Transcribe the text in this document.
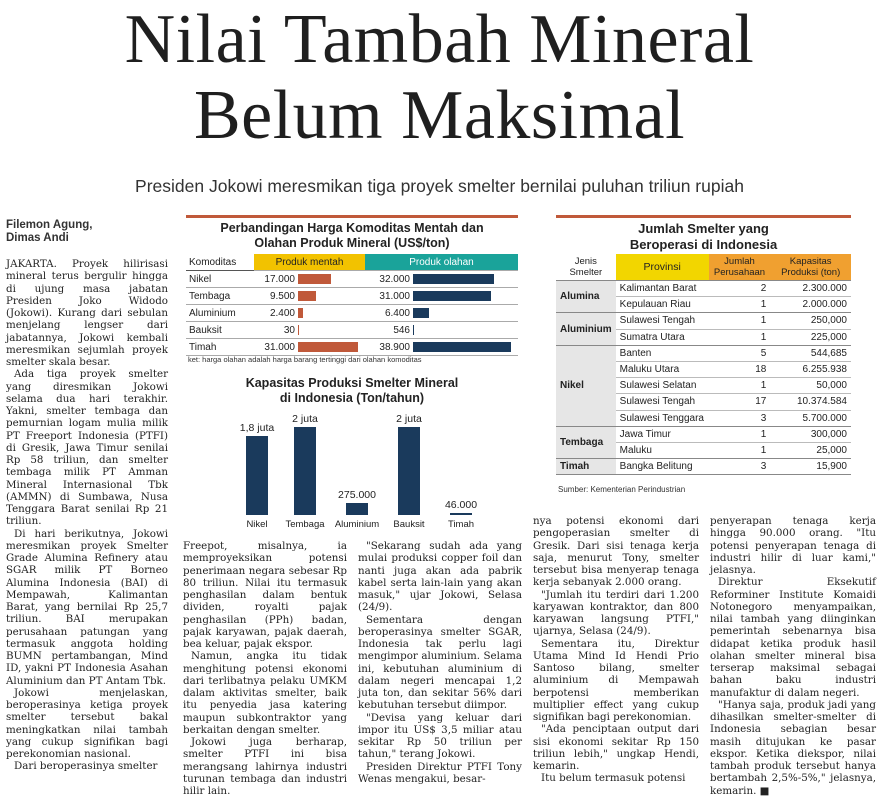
Nilai Tambah Mineral
Belum Maksimal
Presiden Jokowi meresmikan tiga proyek smelter bernilai puluhan triliun rupiah
Filemon Agung,
Dimas Andi

JAKARTA. Proyek hilirisasi mineral terus bergulir hingga di ujung masa jabatan Presiden Joko Widodo (Jokowi). Kurang dari sebulan menjelang lengser dari jabatannya, Jokowi kembali meresmikan sejumlah proyek smelter skala besar.

Ada tiga proyek smelter yang diresmikan Jokowi selama dua hari terakhir. Yakni, smelter tembaga dan pemurnian logam mulia milik PT Freeport Indonesia (PTFI) di Gresik, Jawa Timur senilai Rp 58 triliun, dan smelter tembaga milik PT Amman Mineral Internasional Tbk (AMMN) di Sumbawa, Nusa Tenggara Barat senilai Rp 21 triliun.

Di hari berikutnya, Jokowi meresmikan proyek Smelter Grade Alumina Refinery atau SGAR milik PT Borneo Alumina Indonesia (BAI) di Mempawah, Kalimantan Barat, yang bernilai Rp 25,7 triliun. BAI merupakan perusahaan patungan yang termasuk anggota holding BUMN pertambangan, Mind ID, yakni PT Indonesia Asahan Aluminium dan PT Antam Tbk.

Jokowi menjelaskan, beroperasinya ketiga proyek smelter tersebut bakal meningkatkan nilai tambah yang cukup signifikan bagi perekonomian nasional.

Dari beroperasinya smelter

Freepot, misalnya, ia memproyeksikan potensi penerimaan negara sebesar Rp 80 triliun. Nilai itu termasuk penghasilan dalam bentuk dividen, royalti pajak penghasilan (PPh) badan, pajak karyawan, pajak daerah, bea keluar, pajak ekspor.

Namun, angka itu tidak menghitung potensi ekonomi dari terlibatnya pelaku UMKM dalam aktivitas smelter, baik itu penyedia jasa katering maupun subkontraktor yang berkaitan dengan smelter.

Jokowi juga berharap, smelter PTFI ini bisa merangsang lahirnya industri turunan tembaga dan industri hilir lain.

"Sekarang sudah ada yang mulai produksi copper foil dan nanti juga akan ada pabrik kabel serta lain-lain yang akan masuk," ujar Jokowi, Selasa (24/9).

Sementara dengan beroperasinya smelter SGAR, Indonesia tak perlu lagi mengimpor aluminium. Selama ini, kebutuhan aluminium di dalam negeri mencapai 1,2 juta ton, dan sekitar 56% dari kebutuhan tersebut diimpor.

"Devisa yang keluar dari impor itu US$ 3,5 miliar atau sekitar Rp 50 triliun per tahun," terang Jokowi.

Presiden Direktur PTFI Tony Wenas mengakui, besar-

nya potensi ekonomi dari pengoperasian smelter di Gresik. Dari sisi tenaga kerja saja, menurut Tony, smelter tersebut bisa menyerap tenaga kerja sebanyak 2.000 orang.

"Jumlah itu terdiri dari 1.200 karyawan kontraktor, dan 800 karyawan langsung PTFI," ujarnya, Selasa (24/9).

Sementara itu, Direktur Utama Mind Id Hendi Prio Santoso bilang, smelter aluminium di Mempawah berpotensi memberikan multiplier effect yang cukup signifikan bagi perekonomian.

"Ada penciptaan output dari sisi ekonomi sekitar Rp 150 triliun lebih," ungkap Hendi, kemarin.

Itu belum termasuk potensi

penyerapan tenaga kerja hingga 90.000 orang. "Itu potensi penyerapan tenaga di industri hilir di luar kami," jelasnya.

Direktur Eksekutif Reforminer Institute Komaidi Notonegoro menyampaikan, nilai tambah yang diinginkan pemerintah sebenarnya bisa didapat ketika produk hasil olahan smelter mineral bisa terserap maksimal sebagai bahan baku industri manufaktur di dalam negeri.

"Hanya saja, produk jadi yang dihasilkan smelter-smelter di Indonesia sebagian besar masih ditujukan ke pasar ekspor. Ketika diekspor, nilai tambah produk tersebut hanya bertambah 2,5%-5%," jelasnya, kemarin. ■

Perbandingan Harga Komoditas Mentah dan
Olahan Produk Mineral (US$/ton)
Komoditas	Produk mentah	Produk olahan
Nikel	17.000	32.000
Tembaga	9.500	31.000
Aluminium	2.400	6.400
Bauksit	30	546
Timah	31.000	38.900
ket: harga olahan adalah harga barang tertinggi dari olahan komoditas
Kapasitas Produksi Smelter Mineral
di Indonesia (Ton/tahun)
1,8 juta
Nikel
2 juta
Tembaga
275.000
Aluminium
2 juta
Bauksit
46.000
Timah
Jumlah Smelter yang
Beroperasi di Indonesia
Jenis Smelter	Provinsi	Jumlah Perusahaan	Kapasitas Produksi (ton)
Alumina	Kalimantan Barat	2	2.300.000
	Kepulauan Riau	1	2.000.000
Aluminium	Sulawesi Tengah	1	250,000
	Sumatra Utara	1	225,000
Nikel	Banten	5	544,685
	Maluku Utara	18	6.255.938
	Sulawesi Selatan	1	50,000
	Sulawesi Tengah	17	10.374.584
	Sulawesi Tenggara	3	5.700.000
Tembaga	Jawa Timur	1	300,000
	Maluku	1	25,000
Timah	Bangka Belitung	3	15,900
Sumber: Kementerian Perindustrian
